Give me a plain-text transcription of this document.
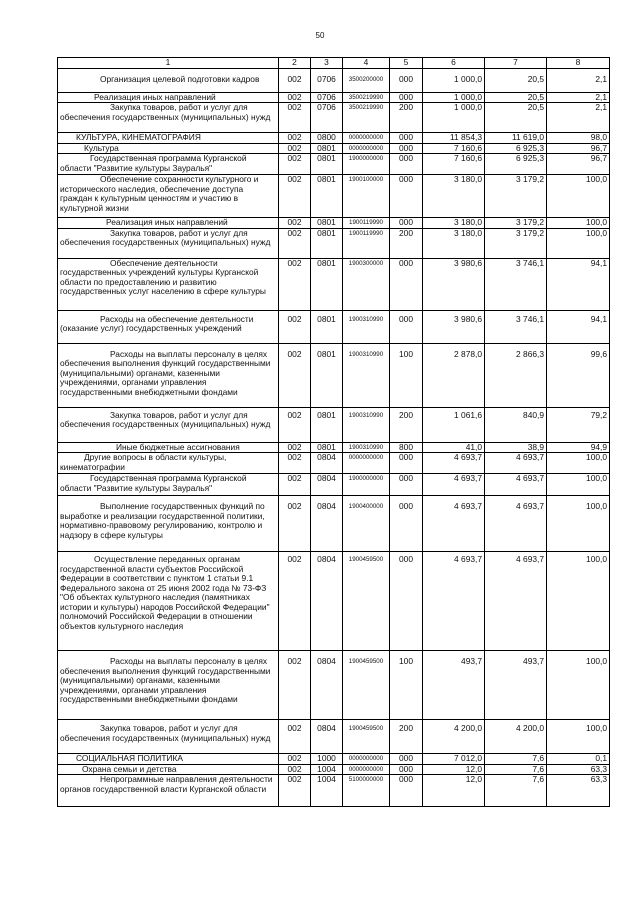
50
1	2	3	4	5	6	7	8
Организация целевой подготовки кадров	002	0706	3500200000	000	1 000,0	20,5	2,1
Реализация иных направлений	002	0706	3500219990	000	1 000,0	20,5	2,1
Закупка товаров, работ и услуг для обеспечения государственных (муниципальных) нужд	002	0706	3500219990	200	1 000,0	20,5	2,1
КУЛЬТУРА, КИНЕМАТОГРАФИЯ	002	0800	0000000000	000	11 854,3	11 619,0	98,0
Культура	002	0801	0000000000	000	7 160,6	6 925,3	96,7
Государственная программа Курганской области "Развитие культуры Зауралья"	002	0801	1900000000	000	7 160,6	6 925,3	96,7
Обеспечение сохранности культурного и исторического наследия, обеспечение доступа граждан к культурным ценностям и участию в культурной жизни	002	0801	1900100000	000	3 180,0	3 179,2	100,0
Реализация иных направлений	002	0801	1900119990	000	3 180,0	3 179,2	100,0
Закупка товаров, работ и услуг для обеспечения государственных (муниципальных) нужд	002	0801	1900119990	200	3 180,0	3 179,2	100,0
Обеспечение деятельности государственных учреждений культуры Курганской области по предоставлению и развитию государственных услуг населению в сфере культуры	002	0801	1900300000	000	3 980,6	3 746,1	94,1
Расходы на обеспечение деятельности (оказание услуг) государственных учреждений	002	0801	1900310990	000	3 980,6	3 746,1	94,1
Расходы на выплаты персоналу в целях обеспечения выполнения функций государственными (муниципальными) органами, казенными учреждениями, органами управления государственными внебюджетными фондами	002	0801	1900310990	100	2 878,0	2 866,3	99,6
Закупка товаров, работ и услуг для обеспечения государственных (муниципальных) нужд	002	0801	1900310990	200	1 061,6	840,9	79,2
Иные бюджетные ассигнования	002	0801	1900310990	800	41,0	38,9	94,9
Другие вопросы в области культуры, кинематографии	002	0804	0000000000	000	4 693,7	4 693,7	100,0
Государственная программа Курганской области "Развитие культуры Зауралья"	002	0804	1900000000	000	4 693,7	4 693,7	100,0
Выполнение государственных функций по выработке и реализации государственной политики, нормативно-правовому регулированию, контролю и надзору в сфере культуры	002	0804	1900400000	000	4 693,7	4 693,7	100,0
Осуществление переданных органам государственной власти субъектов Российской Федерации в соответствии с пунктом 1 статьи 9.1 Федерального закона от 25 июня 2002 года № 73-ФЗ "Об объектах культурного наследия (памятниках истории и культуры) народов Российской Федерации" полномочий Российской Федерации в отношении объектов культурного наследия	002	0804	1900459500	000	4 693,7	4 693,7	100,0
Расходы на выплаты персоналу в целях обеспечения выполнения функций государственными (муниципальными) органами, казенными учреждениями, органами управления государственными внебюджетными фондами	002	0804	1900459500	100	493,7	493,7	100,0
Закупка товаров, работ и услуг для обеспечения государственных (муниципальных) нужд	002	0804	1900459500	200	4 200,0	4 200,0	100,0
СОЦИАЛЬНАЯ ПОЛИТИКА	002	1000	0000000000	000	7 012,0	7,6	0,1
Охрана семьи и детства	002	1004	0000000000	000	12,0	7,6	63,3
Непрограммные направления деятельности органов государственной власти Курганской области	002	1004	5100000000	000	12,0	7,6	63,3
